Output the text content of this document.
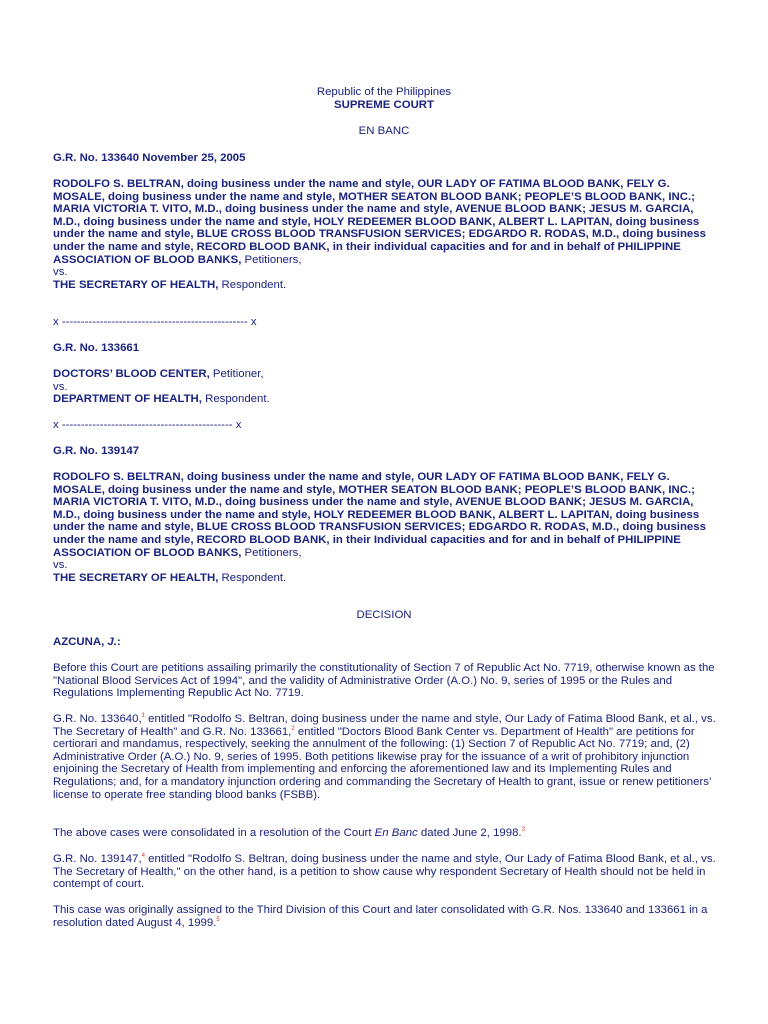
Republic of the Philippines
SUPREME COURT
EN BANC
G.R. No. 133640 November 25, 2005
RODOLFO S. BELTRAN, doing business under the name and style, OUR LADY OF FATIMA BLOOD BANK, FELY G. MOSALE, doing business under the name and style, MOTHER SEATON BLOOD BANK; PEOPLE’S BLOOD BANK, INC.; MARIA VICTORIA T. VITO, M.D., doing business under the name and style, AVENUE BLOOD BANK; JESUS M. GARCIA, M.D., doing business under the name and style, HOLY REDEEMER BLOOD BANK, ALBERT L. LAPITAN, doing business under the name and style, BLUE CROSS BLOOD TRANSFUSION SERVICES; EDGARDO R. RODAS, M.D., doing business under the name and style, RECORD BLOOD BANK, in their individual capacities and for and in behalf of PHILIPPINE ASSOCIATION OF BLOOD BANKS, Petitioners,
vs.
THE SECRETARY OF HEALTH, Respondent.
x ------------------------------------------------- x
G.R. No. 133661
DOCTORS’ BLOOD CENTER, Petitioner,
vs.
DEPARTMENT OF HEALTH, Respondent.
x --------------------------------------------- x
G.R. No. 139147
RODOLFO S. BELTRAN, doing business under the name and style, OUR LADY OF FATIMA BLOOD BANK, FELY G. MOSALE, doing business under the name and style, MOTHER SEATON BLOOD BANK; PEOPLE’S BLOOD BANK, INC.; MARIA VICTORIA T. VITO, M.D., doing business under the name and style, AVENUE BLOOD BANK; JESUS M. GARCIA, M.D., doing business under the name and style, HOLY REDEEMER BLOOD BANK, ALBERT L. LAPITAN, doing business under the name and style, BLUE CROSS BLOOD TRANSFUSION SERVICES; EDGARDO R. RODAS, M.D., doing business under the name and style, RECORD BLOOD BANK, in their Individual capacities and for and in behalf of PHILIPPINE ASSOCIATION OF BLOOD BANKS, Petitioners,
vs.
THE SECRETARY OF HEALTH, Respondent.
DECISION
AZCUNA, J.:
Before this Court are petitions assailing primarily the constitutionality of Section 7 of Republic Act No. 7719, otherwise known as the "National Blood Services Act of 1994", and the validity of Administrative Order (A.O.) No. 9, series of 1995 or the Rules and Regulations Implementing Republic Act No. 7719.
G.R. No. 133640,$^1$ entitled "Rodolfo S. Beltran, doing business under the name and style, Our Lady of Fatima Blood Bank, et al., vs. The Secretary of Health" and G.R. No. 133661,$^2$ entitled "Doctors Blood Bank Center vs. Department of Health" are petitions for certiorari and mandamus, respectively, seeking the annulment of the following: (1) Section 7 of Republic Act No. 7719; and, (2) Administrative Order (A.O.) No. 9, series of 1995. Both petitions likewise pray for the issuance of a writ of prohibitory injunction enjoining the Secretary of Health from implementing and enforcing the aforementioned law and its Implementing Rules and Regulations; and, for a mandatory injunction ordering and commanding the Secretary of Health to grant, issue or renew petitioners’ license to operate free standing blood banks (FSBB).
The above cases were consolidated in a resolution of the Court En Banc dated June 2, 1998.$^3$
G.R. No. 139147,$^4$ entitled "Rodolfo S. Beltran, doing business under the name and style, Our Lady of Fatima Blood Bank, et al., vs. The Secretary of Health," on the other hand, is a petition to show cause why respondent Secretary of Health should not be held in contempt of court.
This case was originally assigned to the Third Division of this Court and later consolidated with G.R. Nos. 133640 and 133661 in a resolution dated August 4, 1999.$^5$
